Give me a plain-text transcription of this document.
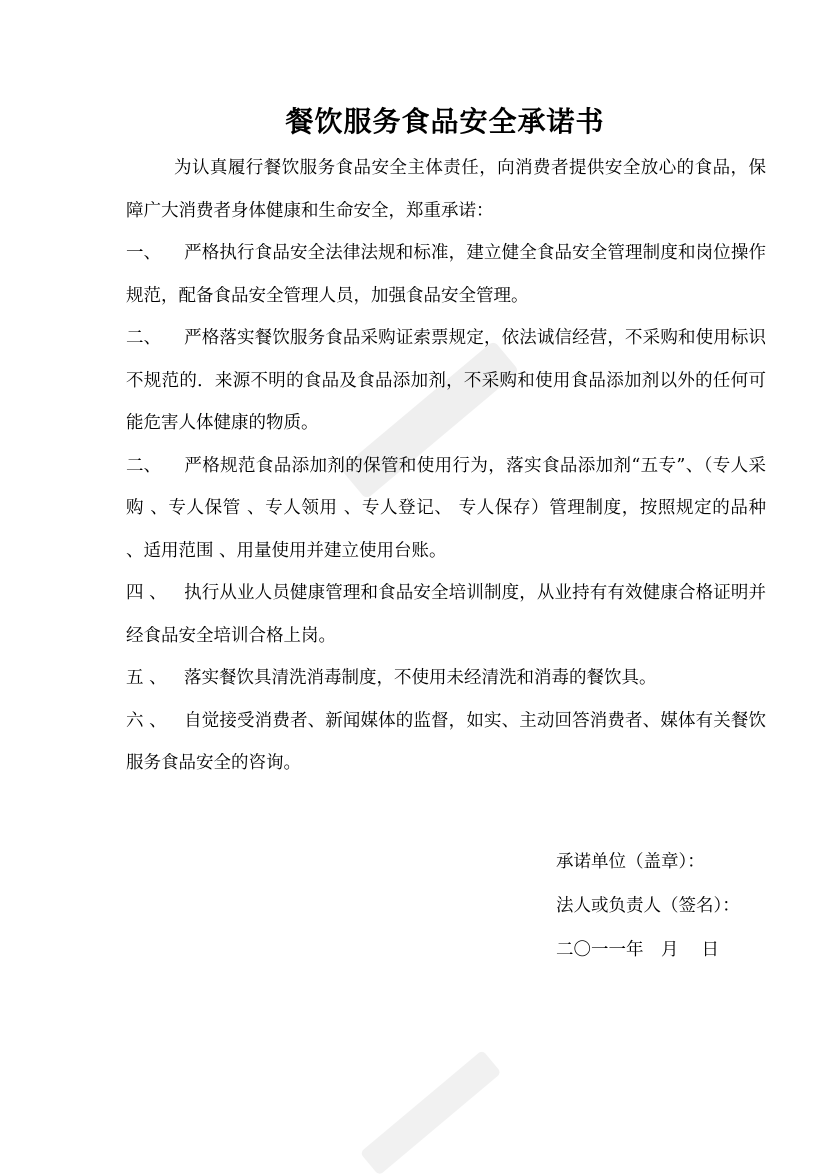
餐饮服务食品安全承诺书

为认真履行餐饮服务食品安全主体责任，向消费者提供安全放心的食品，保障广大消费者身体健康和生命安全，郑重承诺：

一、 严格执行食品安全法律法规和标准，建立健全食品安全管理制度和岗位操作规范，配备食品安全管理人员，加强食品安全管理。

二、 严格落实餐饮服务食品采购证索票规定，依法诚信经营，不采购和使用标识不规范的．来源不明的食品及食品添加剂，不采购和使用食品添加剂以外的任何可能危害人体健康的物质。

二、 严格规范食品添加剂的保管和使用行为，落实食品添加剂“五专”、（专人采购 、专人保管 、专人领用 、专人登记、 专人保存）管理制度，按照规定的品种 、适用范围 、用量使用并建立使用台账。

四 、 执行从业人员健康管理和食品安全培训制度，从业持有有效健康合格证明并经食品安全培训合格上岗。

五 、 落实餐饮具清洗消毒制度，不使用未经清洗和消毒的餐饮具。

六 、 自觉接受消费者、新闻媒体的监督，如实、主动回答消费者、媒体有关餐饮服务食品安全的咨询。

承诺单位（盖章）：
法人或负责人（签名）：
二〇一一年　月　 日
